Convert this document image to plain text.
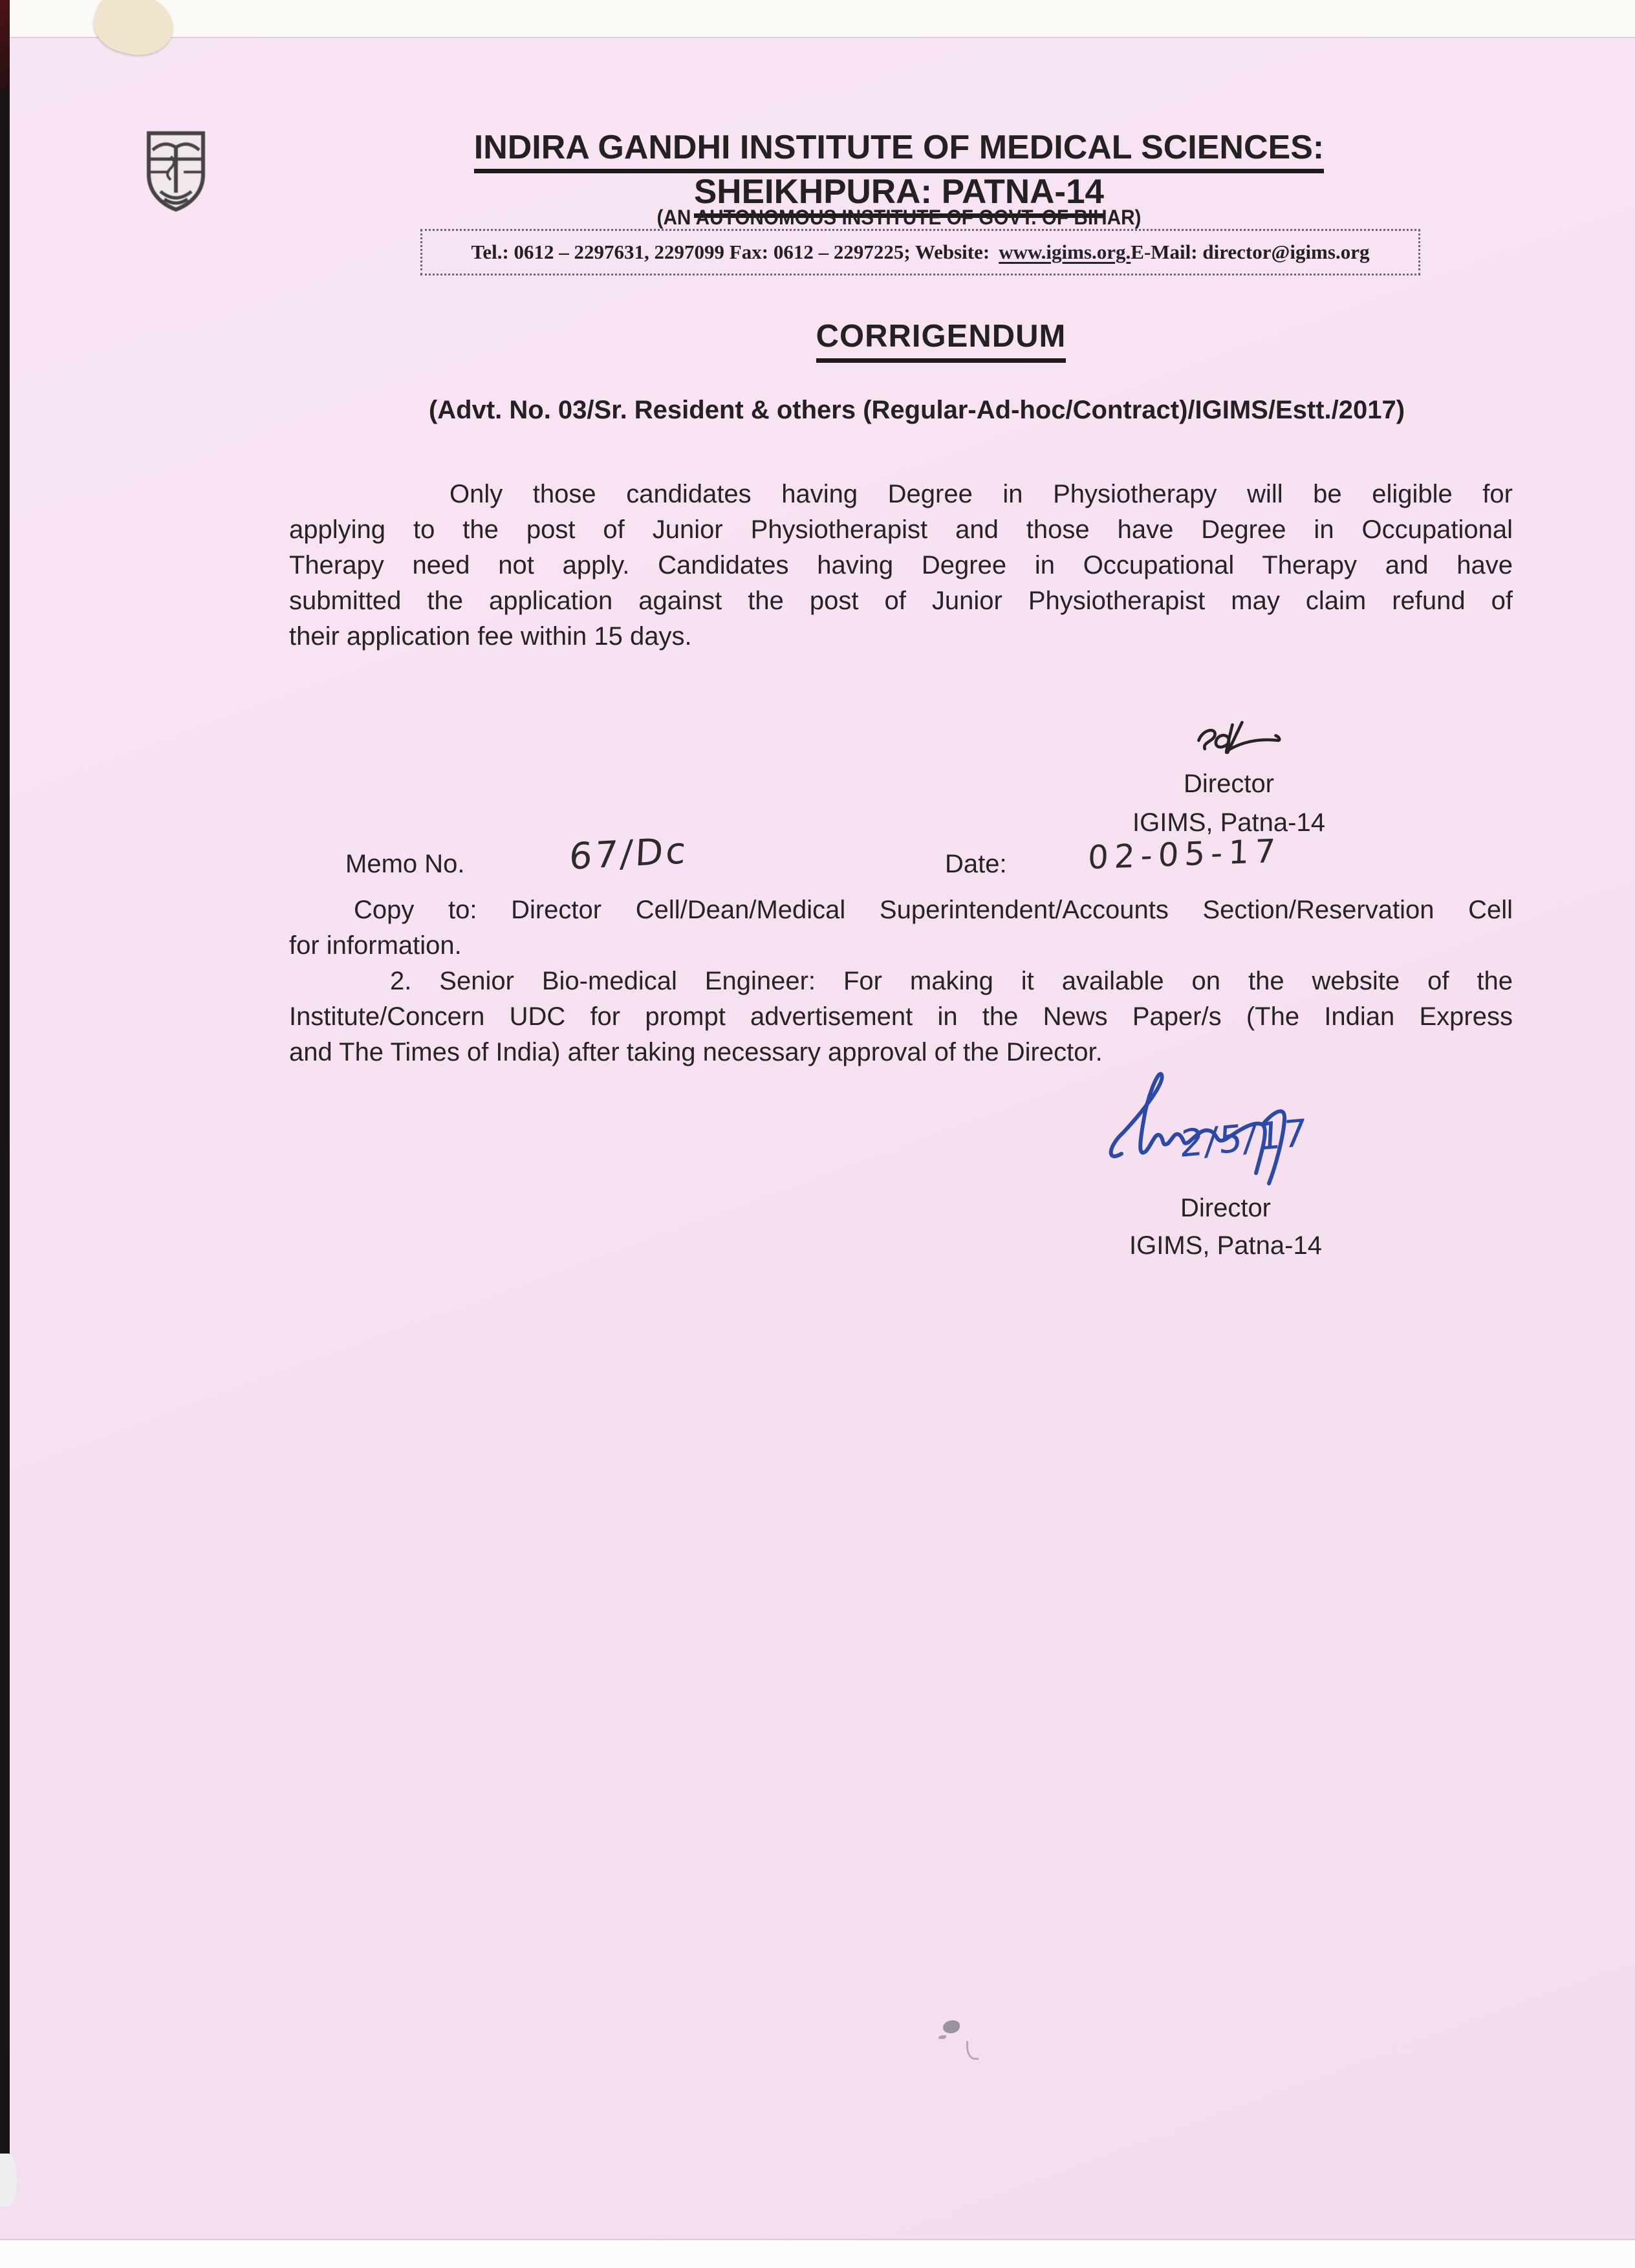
INDIRA GANDHI INSTITUTE OF MEDICAL SCIENCES:
SHEIKHPURA: PATNA-14
(AN AUTONOMOUS INSTITUTE OF GOVT. OF BIHAR)
Tel.: 0612 – 2297631, 2297099 Fax: 0612 – 2297225; Website: www.igims.org.E-Mail: director@igims.org
CORRIGENDUM
(Advt. No. 03/Sr. Resident & others (Regular-Ad-hoc/Contract)/IGIMS/Estt./2017)
Only those candidates having Degree in Physiotherapy will be eligible for
applying to the post of Junior Physiotherapist and those have Degree in Occupational
Therapy need not apply. Candidates having Degree in Occupational Therapy and have
submitted the application against the post of Junior Physiotherapist may claim refund of
their application fee within 15 days.
Director
IGIMS, Patna-14
Memo No.	67/Dc	Date: 02-05-17
Copy to: Director Cell/Dean/Medical Superintendent/Accounts Section/Reservation Cell
for information.
2. Senior Bio-medical Engineer: For making it available on the website of the
Institute/Concern UDC for prompt advertisement in the News Paper/s (The Indian Express
and The Times of India) after taking necessary approval of the Director.
2/5/17
Director
IGIMS, Patna-14
